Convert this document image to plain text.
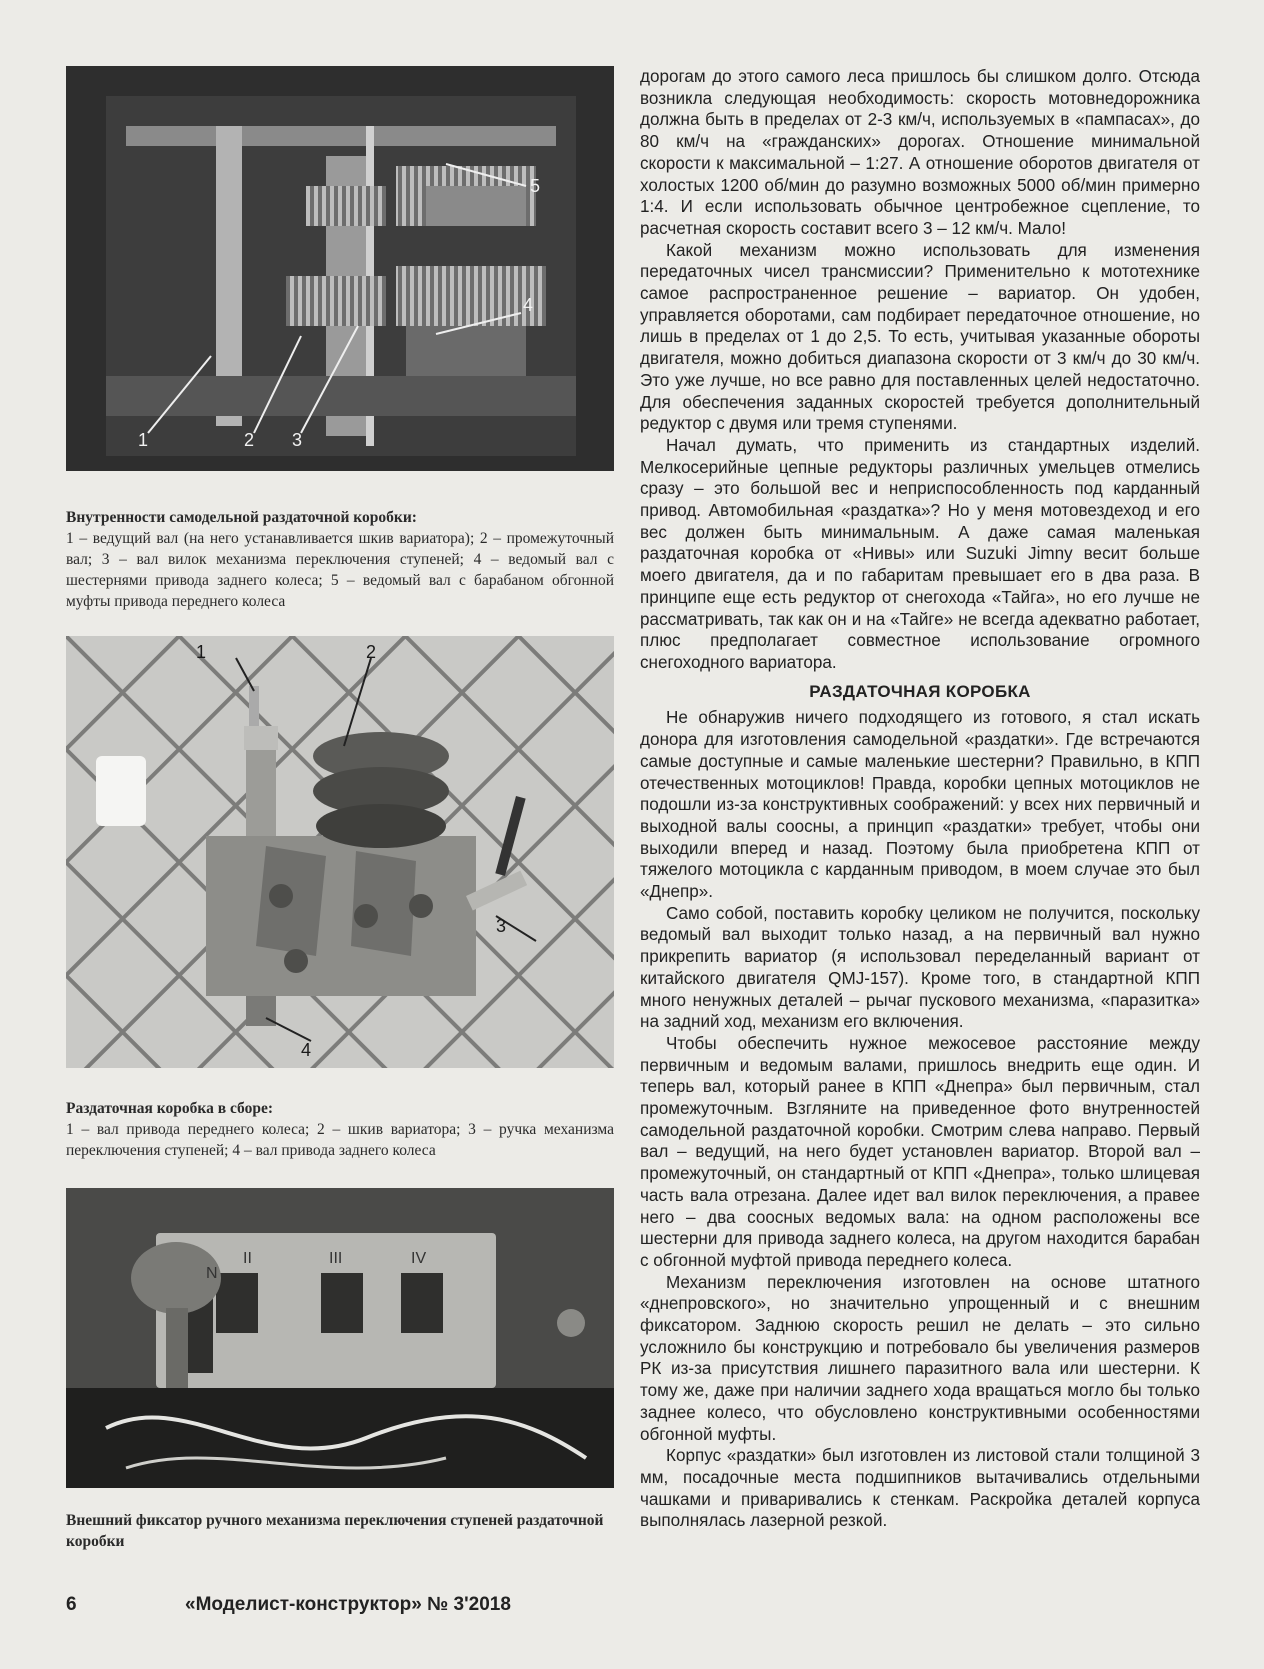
1	2 3
4
5
Внутренности самодельной раздаточной коробки:
1 – ведущий вал (на него устанавливается шкив вариатора); 2 – промежуточный вал; 3 – вал вилок механизма переключения ступеней; 4 – ведомый вал с шестернями привода заднего колеса; 5 – ведомый вал с барабаном обгонной муфты привода переднего колеса
1	2
3
4
Раздаточная коробка в сборе:
1 – вал привода переднего колеса; 2 – шкив вариатора; 3 – ручка механизма переключения ступеней; 4 – вал привода заднего колеса
N
II	III	IV
Внешний фиксатор ручного механизма переключения ступеней раздаточной коробки

дорогам до этого самого леса пришлось бы слишком долго. Отсюда возникла следующая необходимость: скорость мотовнедорожника должна быть в пределах от 2-3 км/ч, используемых в «пампасах», до 80 км/ч на «гражданских» дорогах. Отношение минимальной скорости к максимальной – 1:27. А отношение оборотов двигателя от холостых 1200 об/мин до разумно возможных 5000 об/мин примерно 1:4. И если использовать обычное центробежное сцепление, то расчетная скорость составит всего 3 – 12 км/ч. Мало!

Какой механизм можно использовать для изменения передаточных чисел трансмиссии? Применительно к мототехнике самое распространенное решение – вариатор. Он удобен, управляется оборотами, сам подбирает передаточное отношение, но лишь в пределах от 1 до 2,5. То есть, учитывая указанные обороты двигателя, можно добиться диапазона скорости от 3 км/ч до 30 км/ч. Это уже лучше, но все равно для поставленных целей недостаточно. Для обеспечения заданных скоростей требуется дополнительный редуктор с двумя или тремя ступенями.

Начал думать, что применить из стандартных изделий. Мелкосерийные цепные редукторы различных умельцев отмелись сразу – это большой вес и неприспособленность под карданный привод. Автомобильная «раздатка»? Но у меня мотовездеход и его вес должен быть минимальным. А даже самая маленькая раздаточная коробка от «Нивы» или Suzuki Jimny весит больше моего двигателя, да и по габаритам превышает его в два раза. В принципе еще есть редуктор от снегохода «Тайга», но его лучше не рассматривать, так как он и на «Тайге» не всегда адекватно работает, плюс предполагает совместное использование огромного снегоходного вариатора.

РАЗДАТОЧНАЯ КОРОБКА

Не обнаружив ничего подходящего из готового, я стал искать донора для изготовления самодельной «раздатки». Где встречаются самые доступные и самые маленькие шестерни? Правильно, в КПП отечественных мотоциклов! Правда, коробки цепных мотоциклов не подошли из-за конструктивных соображений: у всех них первичный и выходной валы соосны, а принцип «раздатки» требует, чтобы они выходили вперед и назад. Поэтому была приобретена КПП от тяжелого мотоцикла с карданным приводом, в моем случае это был «Днепр».

Само собой, поставить коробку целиком не получится, поскольку ведомый вал выходит только назад, а на первичный вал нужно прикрепить вариатор (я использовал переделанный вариант от китайского двигателя QMJ-157). Кроме того, в стандартной КПП много ненужных деталей – рычаг пускового механизма, «паразитка» на задний ход, механизм его включения.

Чтобы обеспечить нужное межосевое расстояние между первичным и ведомым валами, пришлось внедрить еще один. И теперь вал, который ранее в КПП «Днепра» был первичным, стал промежуточным. Взгляните на приведенное фото внутренностей самодельной раздаточной коробки. Смотрим слева направо. Первый вал – ведущий, на него будет установлен вариатор. Второй вал – промежуточный, он стандартный от КПП «Днепра», только шлицевая часть вала отрезана. Далее идет вал вилок переключения, а правее него – два соосных ведомых вала: на одном расположены все шестерни для привода заднего колеса, на другом находится барабан с обгонной муфтой привода переднего колеса.

Механизм переключения изготовлен на основе штатного «днепровского», но значительно упрощенный и с внешним фиксатором. Заднюю скорость решил не делать – это сильно усложнило бы конструкцию и потребовало бы увеличения размеров РК из-за присутствия лишнего паразитного вала или шестерни. К тому же, даже при наличии заднего хода вращаться могло бы только заднее колесо, что обусловлено конструктивными особенностями обгонной муфты.

Корпус «раздатки» был изготовлен из листовой стали толщиной 3 мм, посадочные места подшипников вытачивались отдельными чашками и приваривались к стенкам. Раскройка деталей корпуса выполнялась лазерной резкой.

6	«Моделист-конструктор» № 3'2018
